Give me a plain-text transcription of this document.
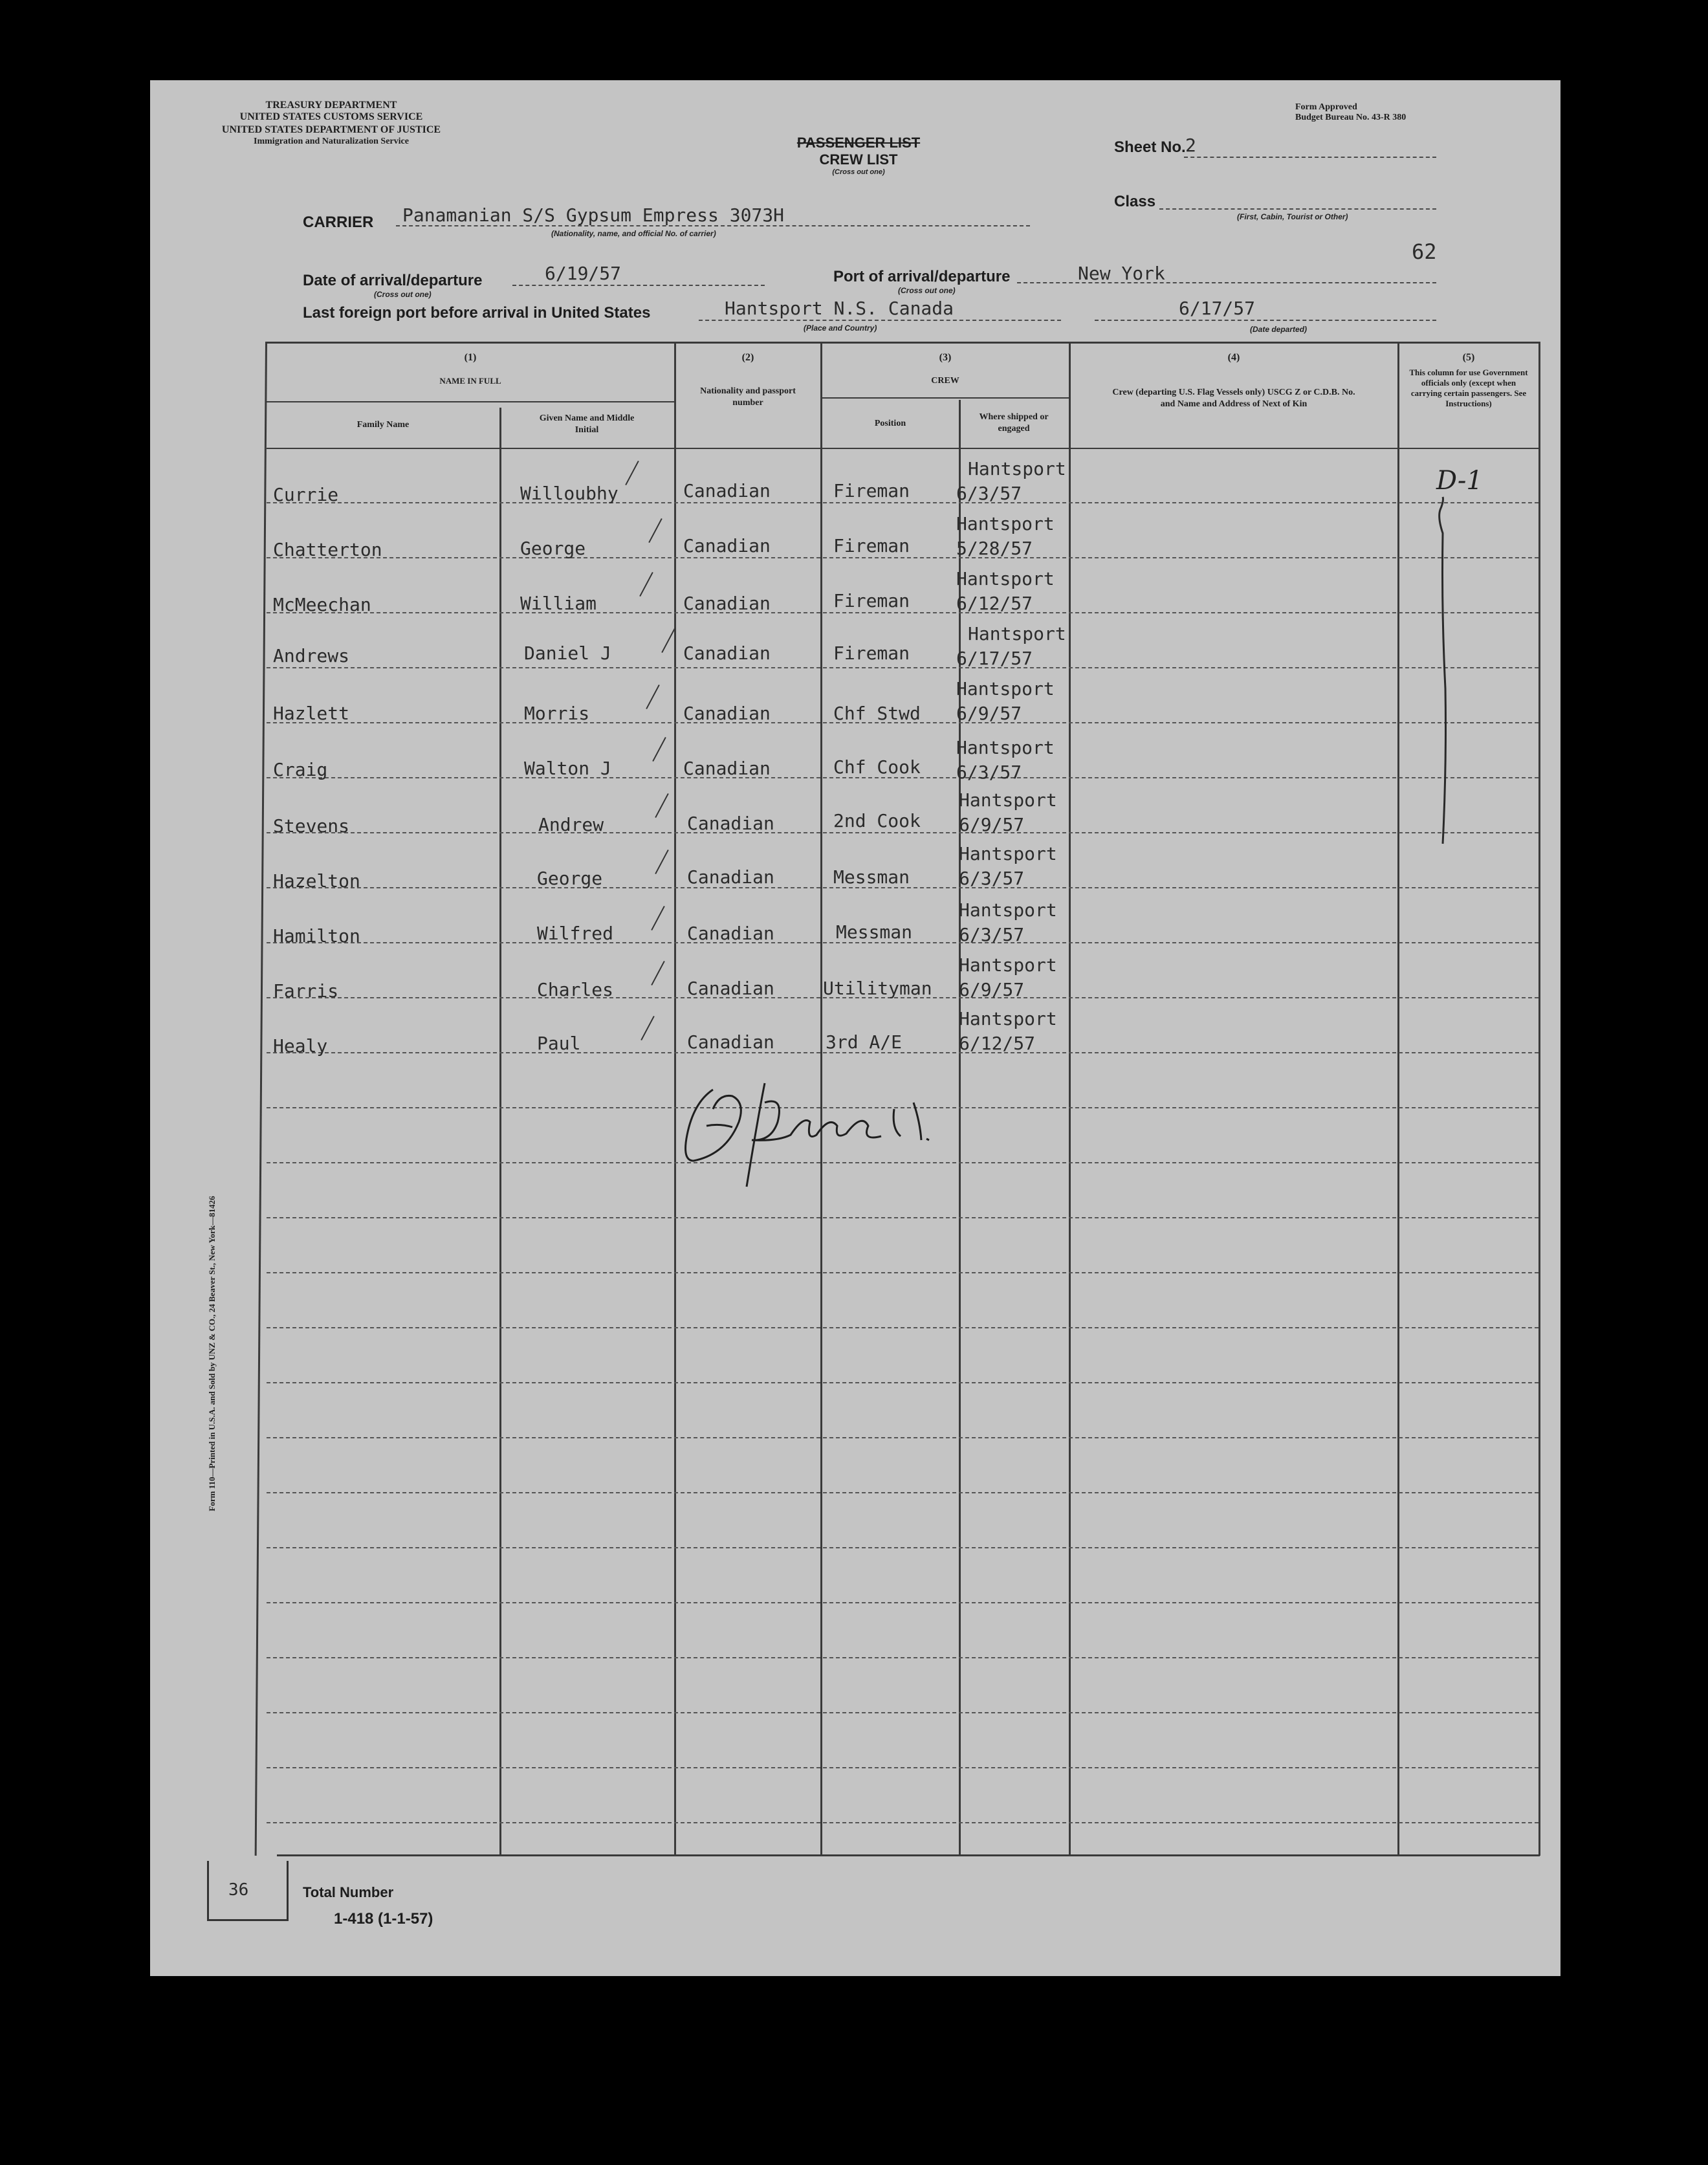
TREASURY DEPARTMENT
UNITED STATES CUSTOMS SERVICE
UNITED STATES DEPARTMENT OF JUSTICE
Immigration and Naturalization Service
Form Approved
Budget Bureau No. 43-R 380
PASSENGER LIST
CREW LIST
(Cross out one)
Sheet No. 2
Class
(First, Cabin, Tourist or Other)
62
CARRIER Panamanian S/S Gypsum Empress 3073H
(Nationality, name, and official No. of carrier)
Date of arrival/departure
(Cross out one)
6/19/57	Port of arrival/departure
(Cross out one)
New York
Last foreign port before arrival in United States	Hantsport N.S. Canada
(Place and Country)
6/17/57
(Date departed)
(1)
NAME IN FULL
Family Name
Given Name and Middle Initial
(2)
Nationality and passport number
(3)
CREW
Position
Where shipped or engaged
(4)
Crew (departing U.S. Flag Vessels only) USCG Z or C.D.B. No. and Name and Address of Next of Kin
(5)
This column for use Government officials only (except when carrying certain passengers. See Instructions)
Currie	Willoubhy	Canadian	Fireman
Hantsport
6/3/57
Chatterton	George	Canadian	Fireman
Hantsport
5/28/57
McMeechan	William	Canadian	Fireman
Hantsport
6/12/57
Andrews	Daniel J	Canadian	Fireman
Hantsport
6/17/57
Hazlett	Morris	Canadian	Chf Stwd
Hantsport
6/9/57
Craig	Walton J	Canadian	Chf Cook
Hantsport
6/3/57
Stevens	Andrew	Canadian	2nd Cook
Hantsport
6/9/57
Hazelton	George	Canadian	Messman
Hantsport
6/3/57
Hamilton	Wilfred	Canadian	Messman
Hantsport
6/3/57
Farris	Charles	Canadian	Utilityman
Hantsport
6/9/57
Healy	Paul	Canadian	3rd A/E
Hantsport
6/12/57
D-1
36	Total Number
1-418 (1-1-57)
Form 110—Printed in U.S.A. and Sold by UNZ & CO., 24 Beaver St., New York—81426
